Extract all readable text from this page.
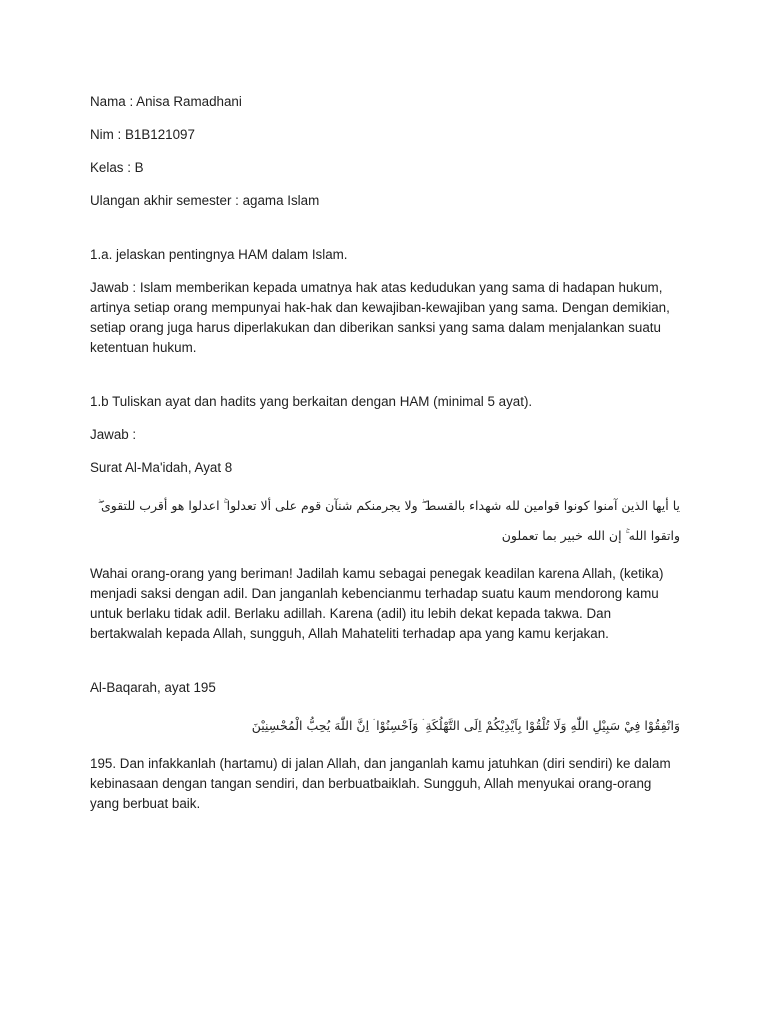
Nama : Anisa Ramadhani

Nim : B1B121097

Kelas : B

Ulangan akhir semester : agama Islam

1.a. jelaskan pentingnya HAM dalam Islam.

Jawab : Islam memberikan kepada umatnya hak atas kedudukan yang sama di hadapan hukum, artinya setiap orang mempunyai hak-hak dan kewajiban-kewajiban yang sama. Dengan demikian, setiap orang juga harus diperlakukan dan diberikan sanksi yang sama dalam menjalankan suatu ketentuan hukum.

1.b Tuliskan ayat dan hadits yang berkaitan dengan HAM (minimal 5 ayat).

Jawab :

Surat Al-Ma'idah, Ayat 8

يا أيها الذين آمنوا كونوا قوامين لله شهداء بالقسط ۖ ولا يجرمنكم شنآن قوم على ألا تعدلوا ۚ اعدلوا هو أقرب للتقوى ۖ واتقوا الله ۚ إن الله خبير بما تعملون

Wahai orang-orang yang beriman! Jadilah kamu sebagai penegak keadilan karena Allah, (ketika) menjadi saksi dengan adil. Dan janganlah kebencianmu terhadap suatu kaum mendorong kamu untuk berlaku tidak adil. Berlaku adillah. Karena (adil) itu lebih dekat kepada takwa. Dan bertakwalah kepada Allah, sungguh, Allah Mahateliti terhadap apa yang kamu kerjakan.

Al-Baqarah, ayat 195

وَانْفِقُوْا فِيْ سَبِيْلِ اللّٰهِ وَلَا تُلْقُوْا بِاَيْدِيْكُمْ اِلَى التَّهْلُكَةِ ۛ وَاَحْسِنُوْا ۛ اِنَّ اللّٰهَ يُحِبُّ الْمُحْسِنِيْنَ

195. Dan infakkanlah (hartamu) di jalan Allah, dan janganlah kamu jatuhkan (diri sendiri) ke dalam kebinasaan dengan tangan sendiri, dan berbuatbaiklah. Sungguh, Allah menyukai orang-orang yang berbuat baik.
